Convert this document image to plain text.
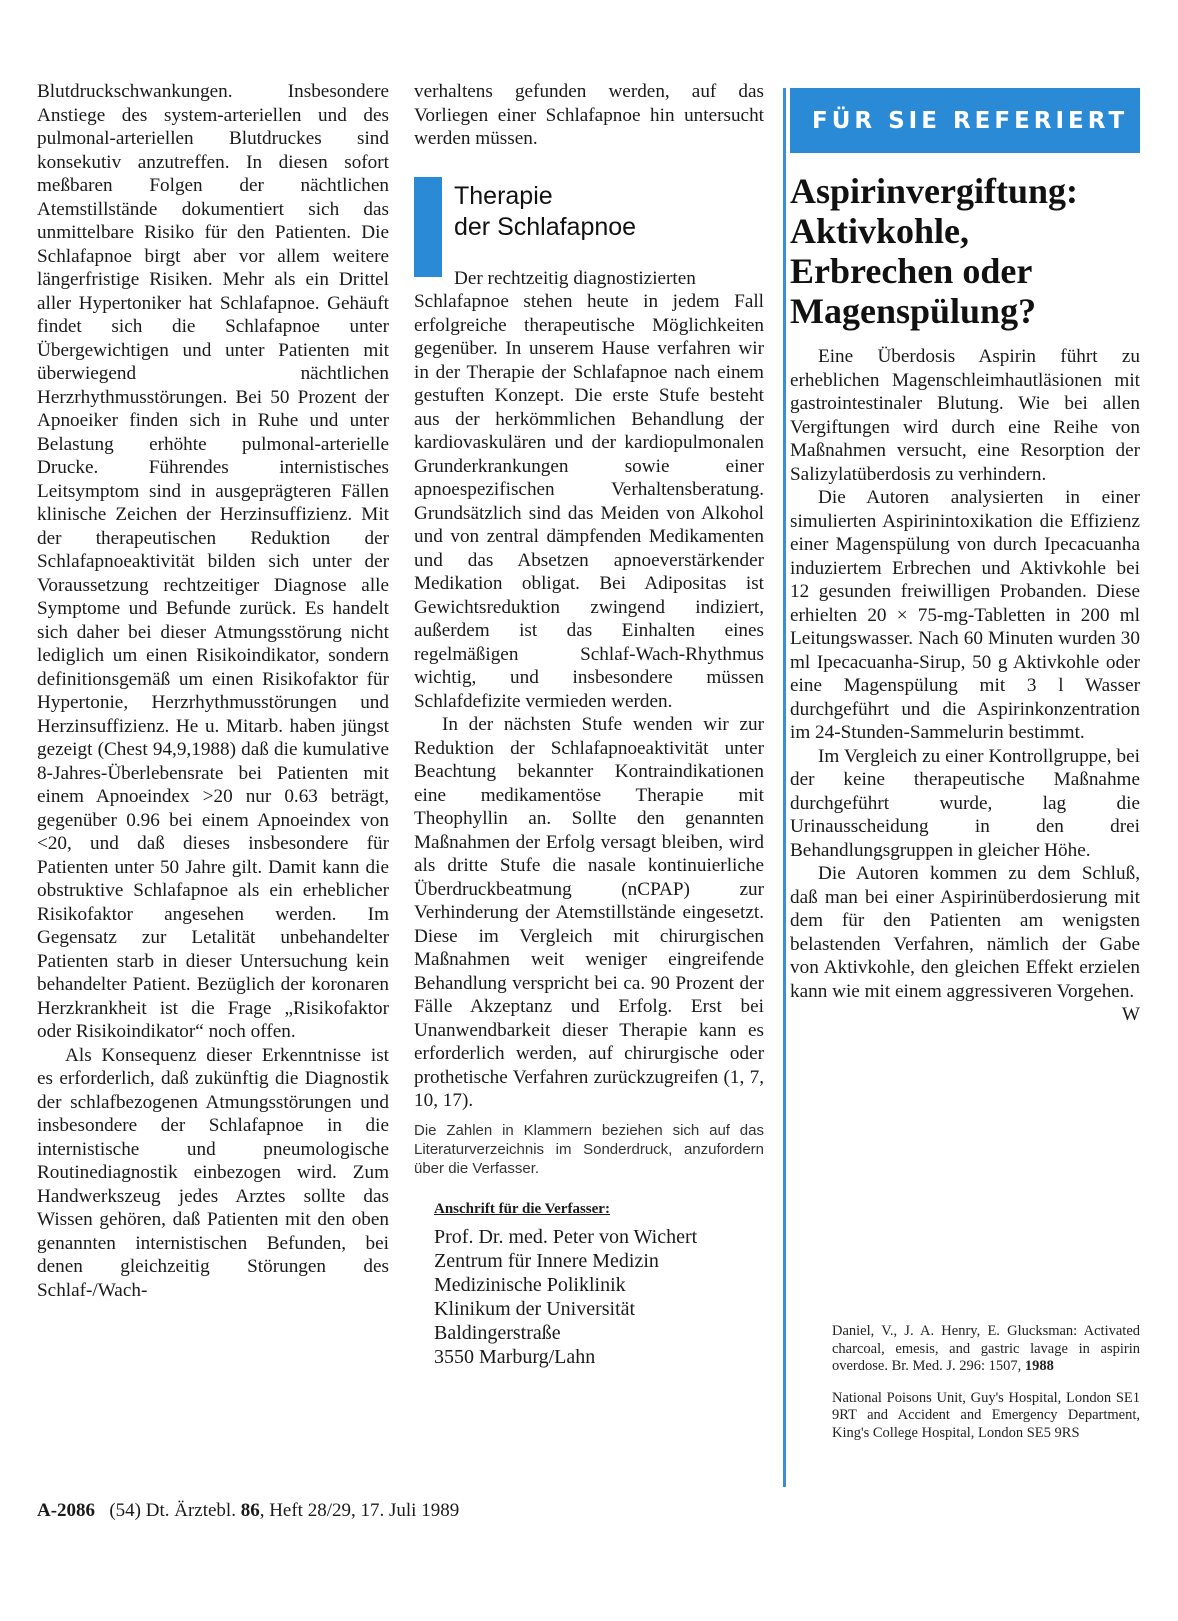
Blutdruckschwankungen. Insbesondere Anstiege des system-arteriellen und des pulmonal-arteriellen Blutdruckes sind konsekutiv anzutreffen. In diesen sofort meßbaren Folgen der nächtlichen Atemstillstände dokumentiert sich das unmittelbare Risiko für den Patienten. Die Schlafapnoe birgt aber vor allem weitere längerfristige Risiken. Mehr als ein Drittel aller Hypertoniker hat Schlafapnoe. Gehäuft findet sich die Schlafapnoe unter Übergewichtigen und unter Patienten mit überwiegend nächtlichen Herzrhythmusstörungen. Bei 50 Prozent der Apnoeiker finden sich in Ruhe und unter Belastung erhöhte pulmonal-arterielle Drucke. Führendes internistisches Leitsymptom sind in ausgeprägteren Fällen klinische Zeichen der Herzinsuffizienz. Mit der therapeutischen Reduktion der Schlafapnoeaktivität bilden sich unter der Voraussetzung rechtzeitiger Diagnose alle Symptome und Befunde zurück. Es handelt sich daher bei dieser Atmungsstörung nicht lediglich um einen Risikoindikator, sondern definitionsgemäß um einen Risikofaktor für Hypertonie, Herzrhythmusstörungen und Herzinsuffizienz. He u. Mitarb. haben jüngst gezeigt (Chest 94,9,1988) daß die kumulative 8-Jahres-Überlebensrate bei Patienten mit einem Apnoeindex >20 nur 0.63 beträgt, gegenüber 0.96 bei einem Apnoeindex von <20, und daß dieses insbesondere für Patienten unter 50 Jahre gilt. Damit kann die obstruktive Schlafapnoe als ein erheblicher Risikofaktor angesehen werden. Im Gegensatz zur Letalität unbehandelter Patienten starb in dieser Untersuchung kein behandelter Patient. Bezüglich der koronaren Herzkrankheit ist die Frage „Risikofaktor oder Risikoindikator“ noch offen.

Als Konsequenz dieser Erkenntnisse ist es erforderlich, daß zukünftig die Diagnostik der schlafbezogenen Atmungsstörungen und insbesondere der Schlafapnoe in die internistische und pneumologische Routinediagnostik einbezogen wird. Zum Handwerkszeug jedes Arztes sollte das Wissen gehören, daß Patienten mit den oben genannten internistischen Befunden, bei denen gleichzeitig Störungen des Schlaf-/Wach-

verhaltens gefunden werden, auf das Vorliegen einer Schlafapnoe hin untersucht werden müssen.

Therapie
der Schlafapnoe

Der rechtzeitig diagnostizierten

Schlafapnoe stehen heute in jedem Fall erfolgreiche therapeutische Möglichkeiten gegenüber. In unserem Hause verfahren wir in der Therapie der Schlafapnoe nach einem gestuften Konzept. Die erste Stufe besteht aus der herkömmlichen Behandlung der kardiovaskulären und der kardiopulmonalen Grunderkrankungen sowie einer apnoespezifischen Verhaltensberatung. Grundsätzlich sind das Meiden von Alkohol und von zentral dämpfenden Medikamenten und das Absetzen apnoeverstärkender Medikation obligat. Bei Adipositas ist Gewichtsreduktion zwingend indiziert, außerdem ist das Einhalten eines regelmäßigen Schlaf-Wach-Rhythmus wichtig, und insbesondere müssen Schlafdefizite vermieden werden.

In der nächsten Stufe wenden wir zur Reduktion der Schlafapnoeaktivität unter Beachtung bekannter Kontraindikationen eine medikamentöse Therapie mit Theophyllin an. Sollte den genannten Maßnahmen der Erfolg versagt bleiben, wird als dritte Stufe die nasale kontinuierliche Überdruckbeatmung (nCPAP) zur Verhinderung der Atemstillstände eingesetzt. Diese im Vergleich mit chirurgischen Maßnahmen weit weniger eingreifende Behandlung verspricht bei ca. 90 Prozent der Fälle Akzeptanz und Erfolg. Erst bei Unanwendbarkeit dieser Therapie kann es erforderlich werden, auf chirurgische oder prothetische Verfahren zurückzugreifen (1, 7, 10, 17).

Die Zahlen in Klammern beziehen sich auf das Literaturverzeichnis im Sonderdruck, anzufordern über die Verfasser.
Anschrift für die Verfasser:
Prof. Dr. med. Peter von Wichert
Zentrum für Innere Medizin
Medizinische Poliklinik
Klinikum der Universität
Baldingerstraße
3550 Marburg/Lahn
FÜR SIE REFERIERT
Aspirinvergiftung:
Aktivkohle,
Erbrechen oder
Magenspülung?

Eine Überdosis Aspirin führt zu erheblichen Magenschleimhautläsionen mit gastrointestinaler Blutung. Wie bei allen Vergiftungen wird durch eine Reihe von Maßnahmen versucht, eine Resorption der Salizylatüberdosis zu verhindern.

Die Autoren analysierten in einer simulierten Aspirinintoxikation die Effizienz einer Magenspülung von durch Ipecacuanha induziertem Erbrechen und Aktivkohle bei 12 gesunden freiwilligen Probanden. Diese erhielten 20 × 75-mg-Tabletten in 200 ml Leitungswasser. Nach 60 Minuten wurden 30 ml Ipecacuanha-Sirup, 50 g Aktivkohle oder eine Magenspülung mit 3 l Wasser durchgeführt und die Aspirinkonzentration im 24-Stunden-Sammelurin bestimmt.

Im Vergleich zu einer Kontrollgruppe, bei der keine therapeutische Maßnahme durchgeführt wurde, lag die Urinausscheidung in den drei Behandlungsgruppen in gleicher Höhe.

Die Autoren kommen zu dem Schluß, daß man bei einer Aspirinüberdosierung mit dem für den Patienten am wenigsten belastenden Verfahren, nämlich der Gabe von Aktivkohle, den gleichen Effekt erzielen kann wie mit einem aggressiveren Vorgehen.
W

Daniel, V., J. A. Henry, E. Glucksman: Activated charcoal, emesis, and gastric lavage in aspirin overdose. Br. Med. J. 296: 1507, 1988
National Poisons Unit, Guy's Hospital, London SE1 9RT and Accident and Emergency Department, King's College Hospital, London SE5 9RS
A-2086 (54) Dt. Ärztebl. 86, Heft 28/29, 17. Juli 1989
